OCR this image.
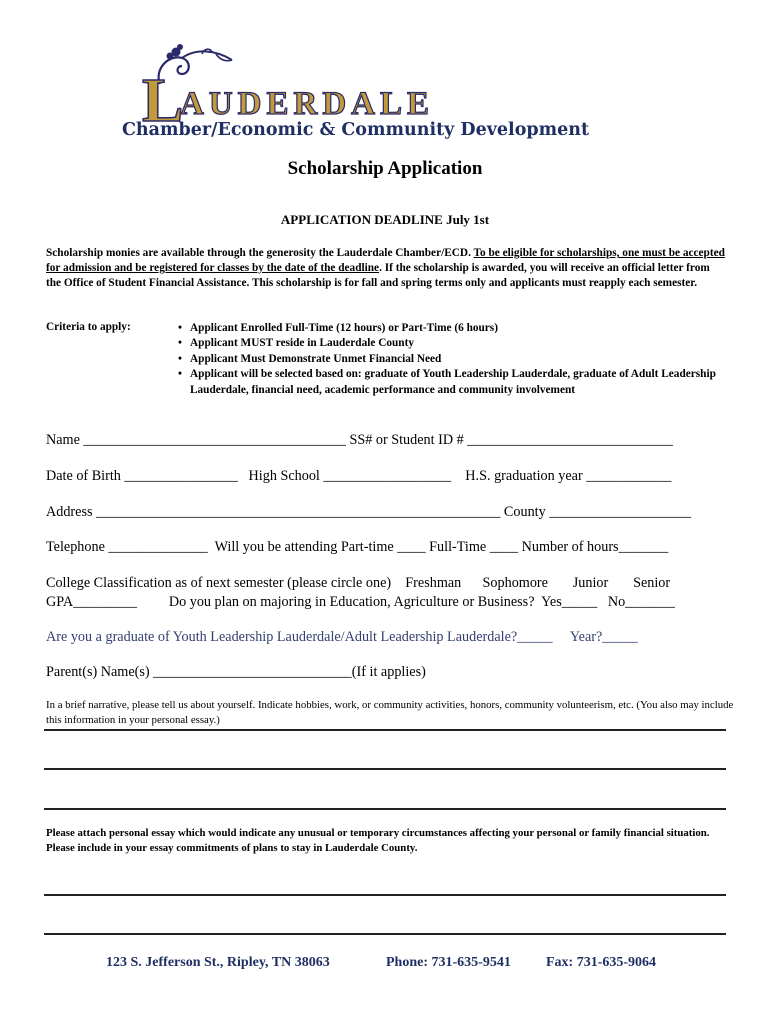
L
AUDERDALE
Chamber/Economic & Community Development
Scholarship Application
APPLICATION DEADLINE July 1st
Scholarship monies are available through the generosity the Lauderdale Chamber/ECD. To be eligible for scholarships, one must be accepted for admission and be registered for classes by the date of the deadline. If the scholarship is awarded, you will receive an official letter from the Office of Student Financial Assistance. This scholarship is for fall and spring terms only and applicants must reapply each semester.
Criteria to apply:
•	Applicant Enrolled Full-Time (12 hours) or Part-Time (6 hours)
• Applicant MUST reside in Lauderdale County
• Applicant Must Demonstrate Unmet Financial Need
• Applicant will be selected based on: graduate of Youth Leadership Lauderdale, graduate of Adult Leadership Lauderdale, financial need, academic performance and community involvement
Name _____________________________________ SS# or Student ID # _____________________________
Date of Birth ________________   High School __________________    H.S. graduation year ____________
Address _________________________________________________________ County ____________________
Telephone ______________  Will you be attending Part-time ____ Full-Time ____ Number of hours_______
College Classification as of next semester (please circle one)    Freshman      Sophomore       Junior       Senior
GPA_________         Do you plan on majoring in Education, Agriculture or Business?  Yes_____   No_______
Are you a graduate of Youth Leadership Lauderdale/Adult Leadership Lauderdale?_____     Year?_____
Parent(s) Name(s) ____________________________(If it applies)
In a brief narrative, please tell us about yourself. Indicate hobbies, work, or community activities, honors, community volunteerism, etc. (You also may include this information in your personal essay.)
Please attach personal essay which would indicate any unusual or temporary circumstances affecting your personal or family financial situation. Please include in your essay commitments of plans to stay in Lauderdale County.
123 S. Jefferson St., Ripley, TN 38063	Phone: 731-635-9541	Fax: 731-635-9064
